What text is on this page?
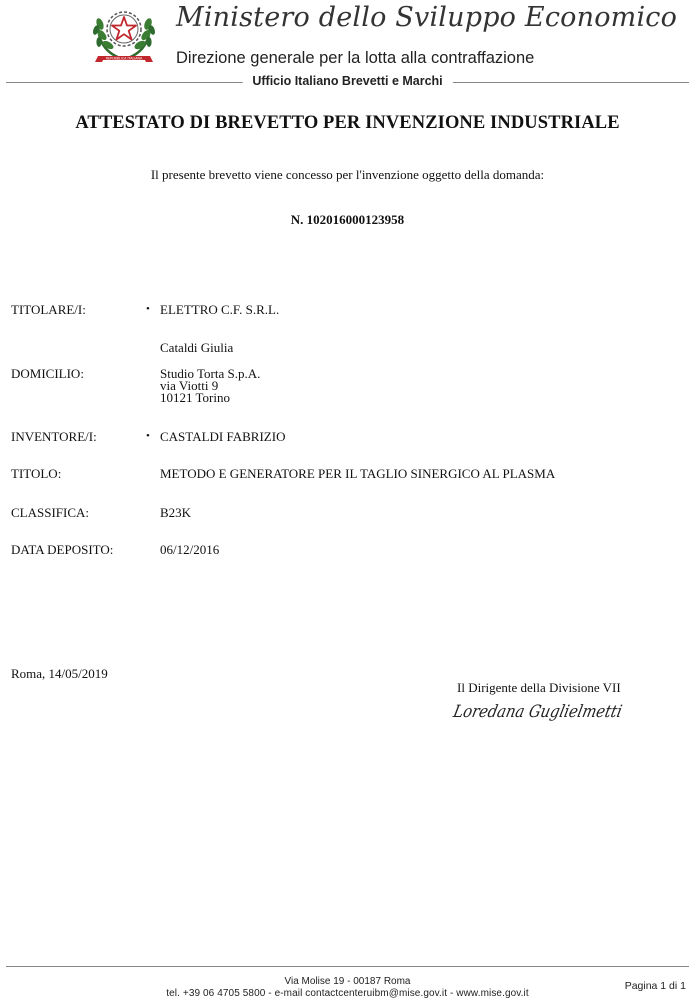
REPUBBLICA ITALIANA
Ministero dello Sviluppo Economico
Direzione generale per la lotta alla contraffazione
Ufficio Italiano Brevetti e Marchi
ATTESTATO DI BREVETTO PER INVENZIONE INDUSTRIALE
Il presente brevetto viene concesso per l'invenzione oggetto della domanda:
N. 102016000123958
TITOLARE/I:	• ELETTRO C.F. S.R.L.
Cataldi Giulia
DOMICILIO:	Studio Torta S.p.A.
via Viotti 9
10121 Torino
INVENTORE/I:	• CASTALDI FABRIZIO
TITOLO:	METODO E GENERATORE PER IL TAGLIO SINERGICO AL PLASMA
CLASSIFICA:	B23K
DATA DEPOSITO:	06/12/2016
Roma, 14/05/2019
Il Dirigente della Divisione VII
Loredana Guglielmetti
Via Molise 19 - 00187 Roma
tel. +39 06 4705 5800 - e-mail contactcenteruibm@mise.gov.it - www.mise.gov.it
Pagina 1 di 1
